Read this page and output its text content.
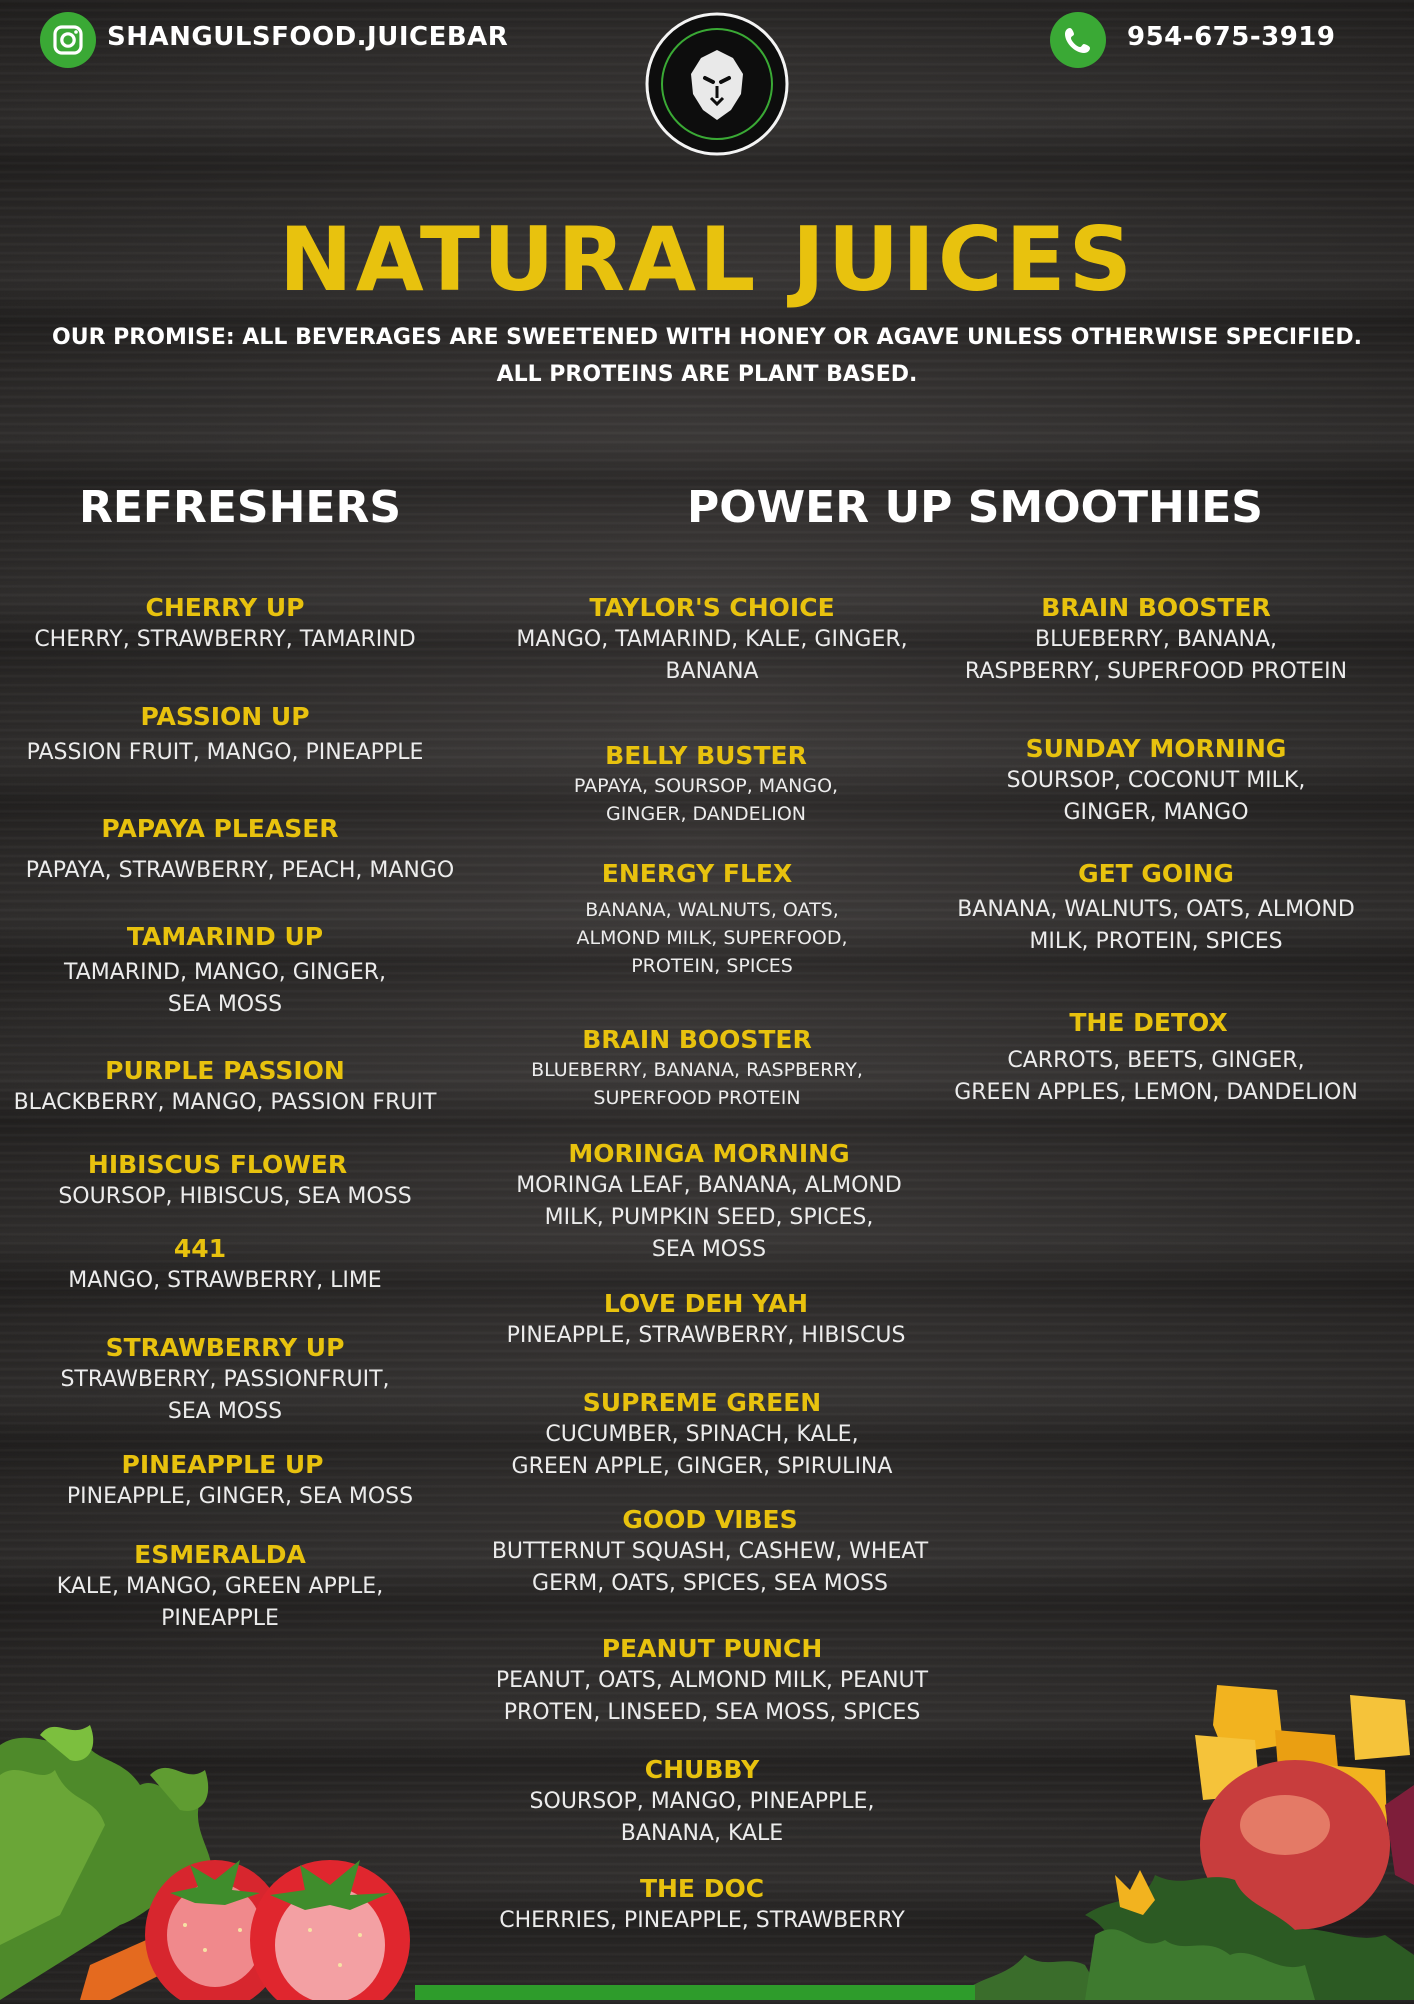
SHANGULSFOOD.JUICEBAR	954-675-3919
NATURAL JUICES
OUR PROMISE: ALL BEVERAGES ARE SWEETENED WITH HONEY OR AGAVE UNLESS OTHERWISE SPECIFIED.
ALL PROTEINS ARE PLANT BASED.
REFRESHERS	POWER UP SMOOTHIES
CHERRY UP
CHERRY, STRAWBERRY, TAMARIND
PASSION UP
PASSION FRUIT, MANGO, PINEAPPLE
PAPAYA PLEASER
PAPAYA, STRAWBERRY, PEACH, MANGO
TAMARIND UP
TAMARIND, MANGO, GINGER,
SEA MOSS
PURPLE PASSION
BLACKBERRY, MANGO, PASSION FRUIT
HIBISCUS FLOWER
SOURSOP, HIBISCUS, SEA MOSS
441
MANGO, STRAWBERRY, LIME
STRAWBERRY UP
STRAWBERRY, PASSIONFRUIT,
SEA MOSS
PINEAPPLE UP
PINEAPPLE, GINGER, SEA MOSS
ESMERALDA
KALE, MANGO, GREEN APPLE,
PINEAPPLE
TAYLOR'S CHOICE
MANGO, TAMARIND, KALE, GINGER,
BANANA
BELLY BUSTER
PAPAYA, SOURSOP, MANGO,
GINGER, DANDELION
ENERGY FLEX
BANANA, WALNUTS, OATS,
ALMOND MILK, SUPERFOOD,
PROTEIN, SPICES
BRAIN BOOSTER
BLUEBERRY, BANANA, RASPBERRY,
SUPERFOOD PROTEIN
MORINGA MORNING
MORINGA LEAF, BANANA, ALMOND
MILK, PUMPKIN SEED, SPICES,
SEA MOSS
LOVE DEH YAH
PINEAPPLE, STRAWBERRY, HIBISCUS
SUPREME GREEN
CUCUMBER, SPINACH, KALE,
GREEN APPLE, GINGER, SPIRULINA
GOOD VIBES
BUTTERNUT SQUASH, CASHEW, WHEAT
GERM, OATS, SPICES, SEA MOSS
PEANUT PUNCH
PEANUT, OATS, ALMOND MILK, PEANUT
PROTEN, LINSEED, SEA MOSS, SPICES
CHUBBY
SOURSOP, MANGO, PINEAPPLE,
BANANA, KALE
THE DOC
CHERRIES, PINEAPPLE, STRAWBERRY
BRAIN BOOSTER
BLUEBERRY, BANANA,
RASPBERRY, SUPERFOOD PROTEIN
SUNDAY MORNING
SOURSOP, COCONUT MILK,
GINGER, MANGO
GET GOING
BANANA, WALNUTS, OATS, ALMOND
MILK, PROTEIN, SPICES
THE DETOX
CARROTS, BEETS, GINGER,
GREEN APPLES, LEMON, DANDELION
